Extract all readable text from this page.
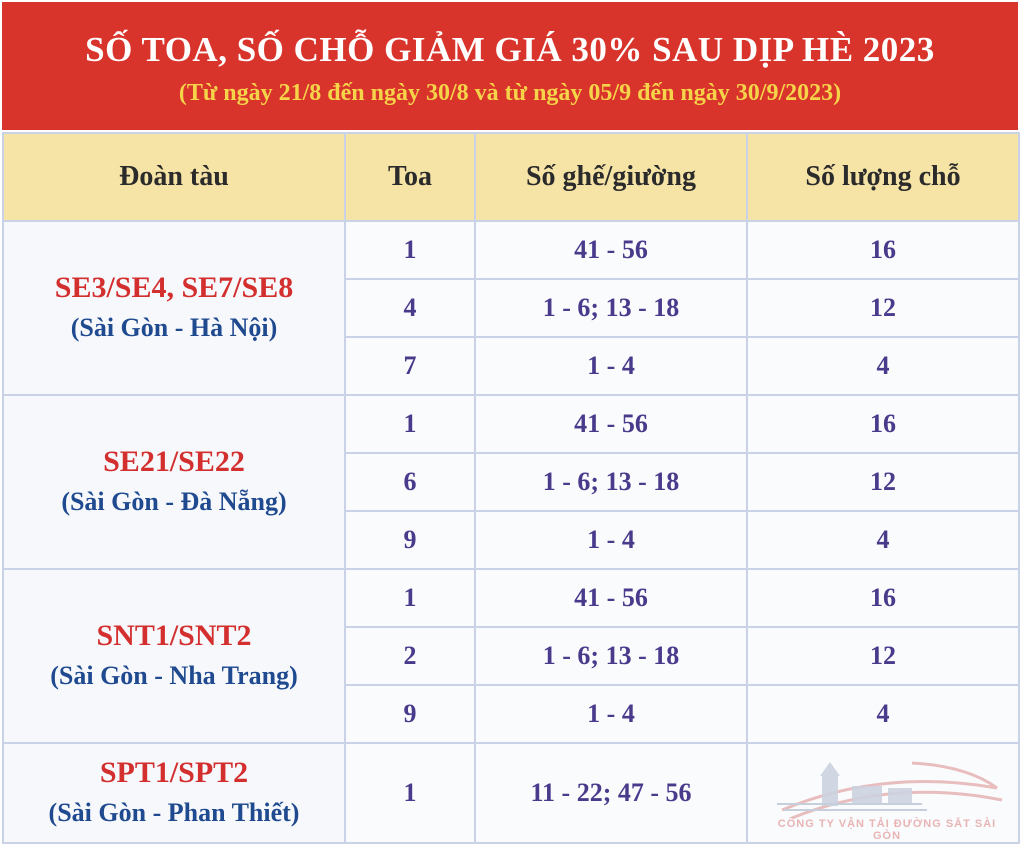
SỐ TOA, SỐ CHỖ GIẢM GIÁ 30% SAU DỊP HÈ 2023
(Từ ngày 21/8 đến ngày 30/8 và từ ngày 05/9 đến ngày 30/9/2023)
Đoàn tàu	Toa	Số ghế/giường	Số lượng chỗ

SE3/SE4, SE7/SE8
(Sài Gòn - Hà Nội)	1	41 - 56	16
	4	1 - 6; 13 - 18	12
	7	1 - 4	4

SE21/SE22
(Sài Gòn - Đà Nẵng)	1	41 - 56	16
	6	1 - 6; 13 - 18	12
	9	1 - 4	4

SNT1/SNT2
(Sài Gòn - Nha Trang)	1	41 - 56	16
	2	1 - 6; 13 - 18	12
	9	1 - 4	4

SPT1/SPT2
(Sài Gòn - Phan Thiết)	1	11 - 22; 47 - 56	CÔNG TY VẬN TẢI ĐƯỜNG SẮT SÀI GÒN
